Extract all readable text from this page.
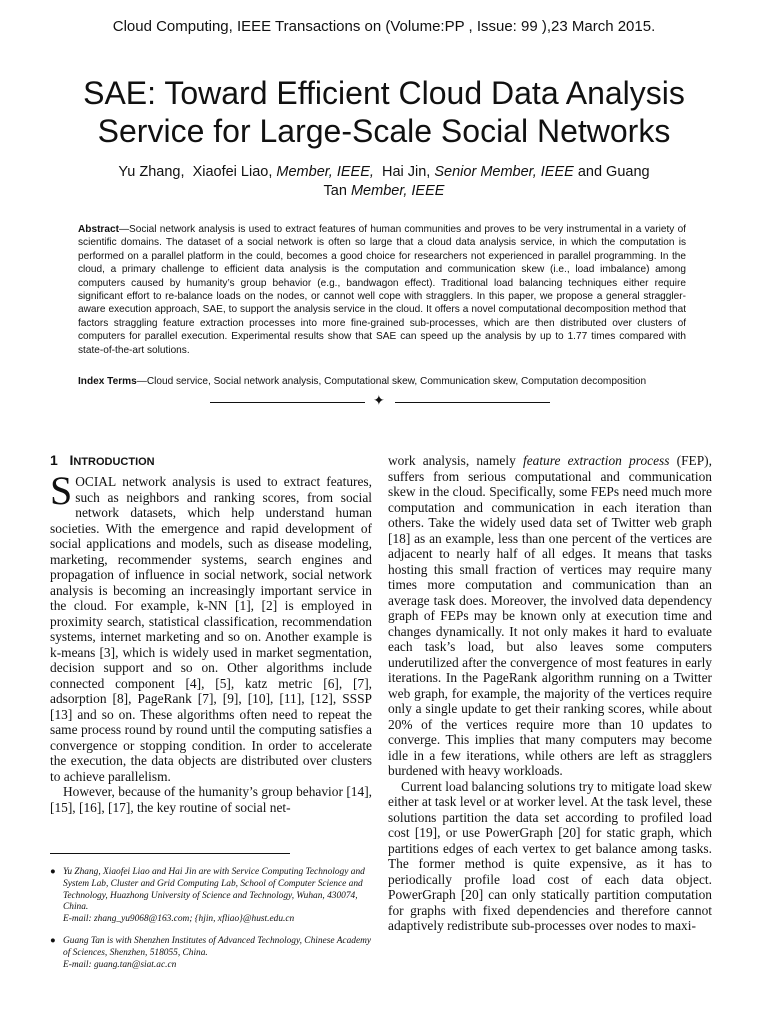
Cloud Computing, IEEE Transactions on (Volume:PP , Issue: 99 ),23 March 2015.
SAE: Toward Efficient Cloud Data Analysis Service for Large-Scale Social Networks
Yu Zhang, Xiaofei Liao, Member, IEEE, Hai Jin, Senior Member, IEEE and Guang
Tan Member, IEEE
Abstract—Social network analysis is used to extract features of human communities and proves to be very instrumental in a variety of scientific domains. The dataset of a social network is often so large that a cloud data analysis service, in which the computation is performed on a parallel platform in the could, becomes a good choice for researchers not experienced in parallel programming. In the cloud, a primary challenge to efficient data analysis is the computation and communication skew (i.e., load imbalance) among computers caused by humanity’s group behavior (e.g., bandwagon effect). Traditional load balancing techniques either require significant effort to re-balance loads on the nodes, or cannot well cope with stragglers. In this paper, we propose a general straggler-aware execution approach, SAE, to support the analysis service in the cloud. It offers a novel computational decomposition method that factors straggling feature extraction processes into more fine-grained sub-processes, which are then distributed over clusters of computers for parallel execution. Experimental results show that SAE can speed up the analysis by up to 1.77 times compared with state-of-the-art solutions.
Index Terms—Cloud service, Social network analysis, Computational skew, Communication skew, Computation decomposition
✦
1 INTRODUCTION

SOCIAL network analysis is used to extract features, such as neighbors and ranking scores, from social network datasets, which help understand human societies. With the emergence and rapid development of social applications and models, such as disease modeling, marketing, recommender systems, search engines and propagation of influence in social network, social network analysis is becoming an increasingly important service in the cloud. For example, k-NN [1], [2] is employed in proximity search, statistical classification, recommendation systems, internet marketing and so on. Another example is k-means [3], which is widely used in market segmentation, decision support and so on. Other algorithms include connected component [4], [5], katz metric [6], [7], adsorption [8], PageRank [7], [9], [10], [11], [12], SSSP [13] and so on. These algorithms often need to repeat the same process round by round until the computing satisfies a convergence or stopping condition. In order to accelerate the execution, the data objects are distributed over clusters to achieve parallelism.

However, because of the humanity’s group behavior [14], [15], [16], [17], the key routine of social net-

● Yu Zhang, Xiaofei Liao and Hai Jin are with Service Computing Technology and System Lab, Cluster and Grid Computing Lab, School of Computer Science and Technology, Huazhong University of Science and Technology, Wuhan, 430074, China.
E-mail: zhang_yu9068@163.com; {hjin, xfliao}@hust.edu.cn
● Guang Tan is with Shenzhen Institutes of Advanced Technology, Chinese Academy of Sciences, Shenzhen, 518055, China.
E-mail: guang.tan@siat.ac.cn

work analysis, namely feature extraction process (FEP), suffers from serious computational and communication skew in the cloud. Specifically, some FEPs need much more computation and communication in each iteration than others. Take the widely used data set of Twitter web graph [18] as an example, less than one percent of the vertices are adjacent to nearly half of all edges. It means that tasks hosting this small fraction of vertices may require many times more computation and communication than an average task does. Moreover, the involved data dependency graph of FEPs may be known only at execution time and changes dynamically. It not only makes it hard to evaluate each task’s load, but also leaves some computers underutilized after the convergence of most features in early iterations. In the PageRank algorithm running on a Twitter web graph, for example, the majority of the vertices require only a single update to get their ranking scores, while about 20% of the vertices require more than 10 updates to converge. This implies that many computers may become idle in a few iterations, while others are left as stragglers burdened with heavy workloads.

Current load balancing solutions try to mitigate load skew either at task level or at worker level. At the task level, these solutions partition the data set according to profiled load cost [19], or use PowerGraph [20] for static graph, which partitions edges of each vertex to get balance among tasks. The former method is quite expensive, as it has to periodically profile load cost of each data object. PowerGraph [20] can only statically partition computation for graphs with fixed dependencies and therefore cannot adaptively redistribute sub-processes over nodes to maxi-
